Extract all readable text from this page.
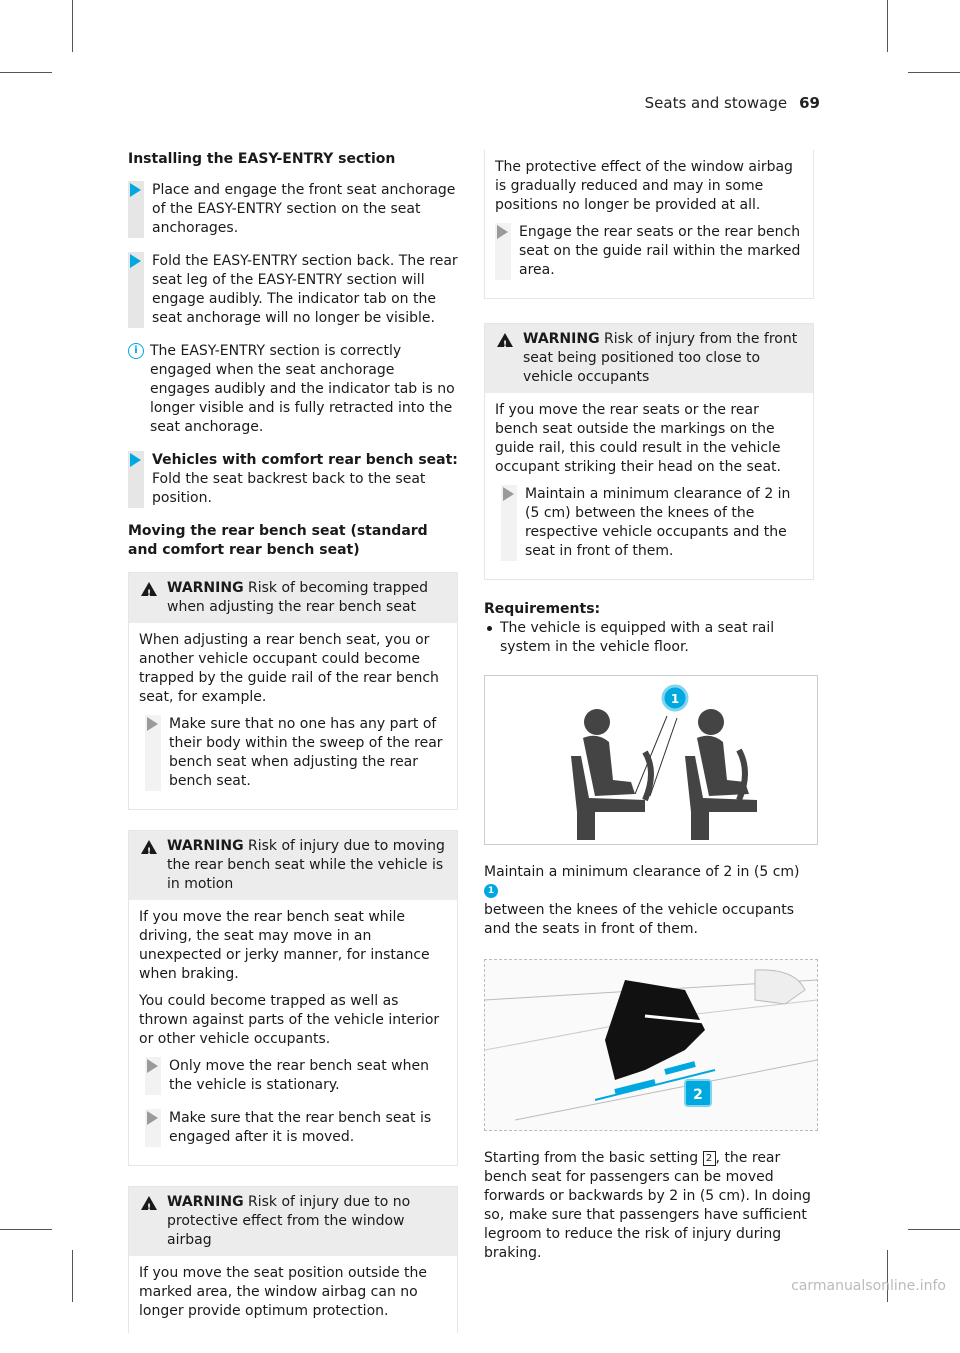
Seats and stowage 69
Installing the EASY-ENTRY section
Place and engage the front seat anchorage of the EASY-ENTRY section on the seat anchorages.
Fold the EASY-ENTRY section back. The rear seat leg of the EASY-ENTRY section will engage audibly. The indicator tab on the seat anchorage will no longer be visible.
i The EASY-ENTRY section is correctly engaged when the seat anchorage engages audibly and the indicator tab is no longer visible and is fully retracted into the seat anchorage.
Vehicles with comfort rear bench seat:
Fold the seat backrest back to the seat position.
Moving the rear bench seat (standard and comfort rear bench seat)
! WARNING Risk of becoming trapped when adjusting the rear bench seat

When adjusting a rear bench seat, you or another vehicle occupant could become trapped by the guide rail of the rear bench seat, for example.

Make sure that no one has any part of their body within the sweep of the rear bench seat when adjusting the rear bench seat.
! WARNING Risk of injury due to moving the rear bench seat while the vehicle is in motion

If you move the rear bench seat while driving, the seat may move in an unexpected or jerky manner, for instance when braking.

You could become trapped as well as thrown against parts of the vehicle interior or other vehicle occupants.

Only move the rear bench seat when the vehicle is stationary.
Make sure that the rear bench seat is engaged after it is moved.
! WARNING Risk of injury due to no protective effect from the window airbag

If you move the seat position outside the marked area, the window airbag can no longer provide optimum protection.

The protective effect of the window airbag is gradually reduced and may in some positions no longer be provided at all.

Engage the rear seats or the rear bench seat on the guide rail within the marked area.
! WARNING Risk of injury from the front seat being positioned too close to vehicle occupants

If you move the rear seats or the rear bench seat outside the markings on the guide rail, this could result in the vehicle occupant striking their head on the seat.

Maintain a minimum clearance of 2 in (5 cm) between the knees of the respective vehicle occupants and the seat in front of them.
Requirements:
The vehicle is equipped with a seat rail system in the vehicle floor.
1
Maintain a minimum clearance of 2 in (5 cm) 1
between the knees of the vehicle occupants and the seats in front of them.
2
Starting from the basic setting 2 , the rear bench seat for passengers can be moved forwards or backwards by 2 in (5 cm). In doing so, make sure that passengers have sufficient legroom to reduce the risk of injury during braking.
carmanualsonline.info
